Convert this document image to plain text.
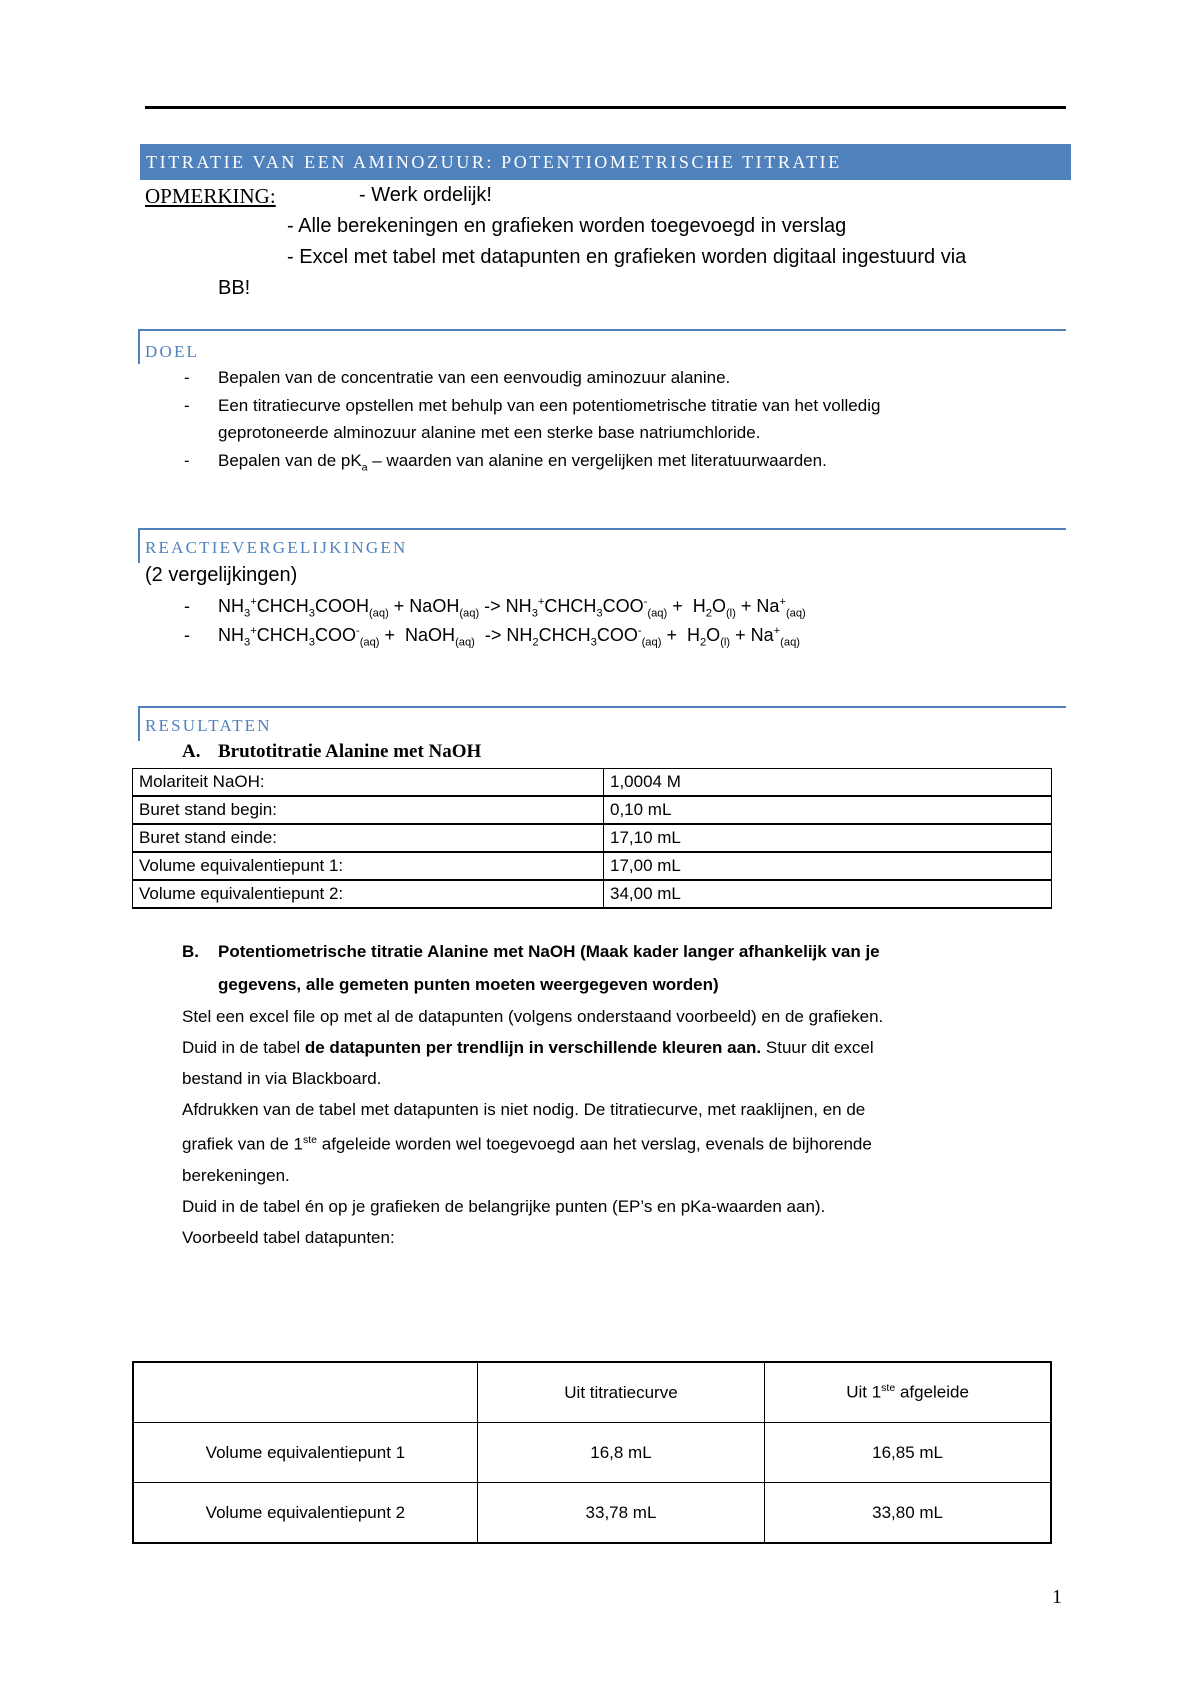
TITRATIE VAN EEN AMINOZUUR: POTENTIOMETRISCHE TITRATIE
OPMERKING:	- Werk ordelijk!
- Alle berekeningen en grafieken worden toegevoegd in verslag
- Excel met tabel met datapunten en grafieken worden digitaal ingestuurd via
BB!
DOEL
- Bepalen van de concentratie van een eenvoudig aminozuur alanine.
- Een titratiecurve opstellen met behulp van een potentiometrische titratie van het volledig
geprotoneerde alminozuur alanine met een sterke base natriumchloride.
- Bepalen van de $pK_a$ – waarden van alanine en vergelijken met literatuurwaarden.
REACTIEVERGELIJKINGEN
(2 vergelijkingen)
- $NH_3^+CHCH_3COOH_{(aq)}$ + NaOH$_{(aq)}$ -> $NH_3^+CHCH_3COO^-_{(aq)} + H_2O_{(l)} + Na^+_{(aq)}$
- $NH_3^+CHCH_3COO^-_{(aq)}$ +  NaOH$_{(aq)}$  -> $NH_2CHCH_3COO^-_{(aq)} + H_2O_{(l)} + Na^+_{(aq)}$
RESULTATEN
A. Brutotitratie Alanine met NaOH
Molariteit NaOH:	1,0004 M
Buret stand begin:	0,10 mL
Buret stand einde:	17,10 mL
Volume equivalentiepunt 1:	17,00 mL
Volume equivalentiepunt 2:	34,00 mL
B. Potentiometrische titratie Alanine met NaOH (Maak kader langer afhankelijk van je
gegevens, alle gemeten punten moeten weergegeven worden)
Stel een excel file op met al de datapunten (volgens onderstaand voorbeeld) en de grafieken.
Duid in de tabel de datapunten per trendlijn in verschillende kleuren aan. Stuur dit excel
bestand in via Blackboard.
Afdrukken van de tabel met datapunten is niet nodig. De titratiecurve, met raaklijnen, en de
grafiek van de 1ste afgeleide worden wel toegevoegd aan het verslag, evenals de bijhorende
berekeningen.
Duid in de tabel én op je grafieken de belangrijke punten (EP’s en pKa-waarden aan).
Voorbeeld tabel datapunten:
	Uit titratiecurve	Uit 1ste afgeleide
Volume equivalentiepunt 1	16,8 mL	16,85 mL
Volume equivalentiepunt 2	33,78 mL	33,80 mL
1
